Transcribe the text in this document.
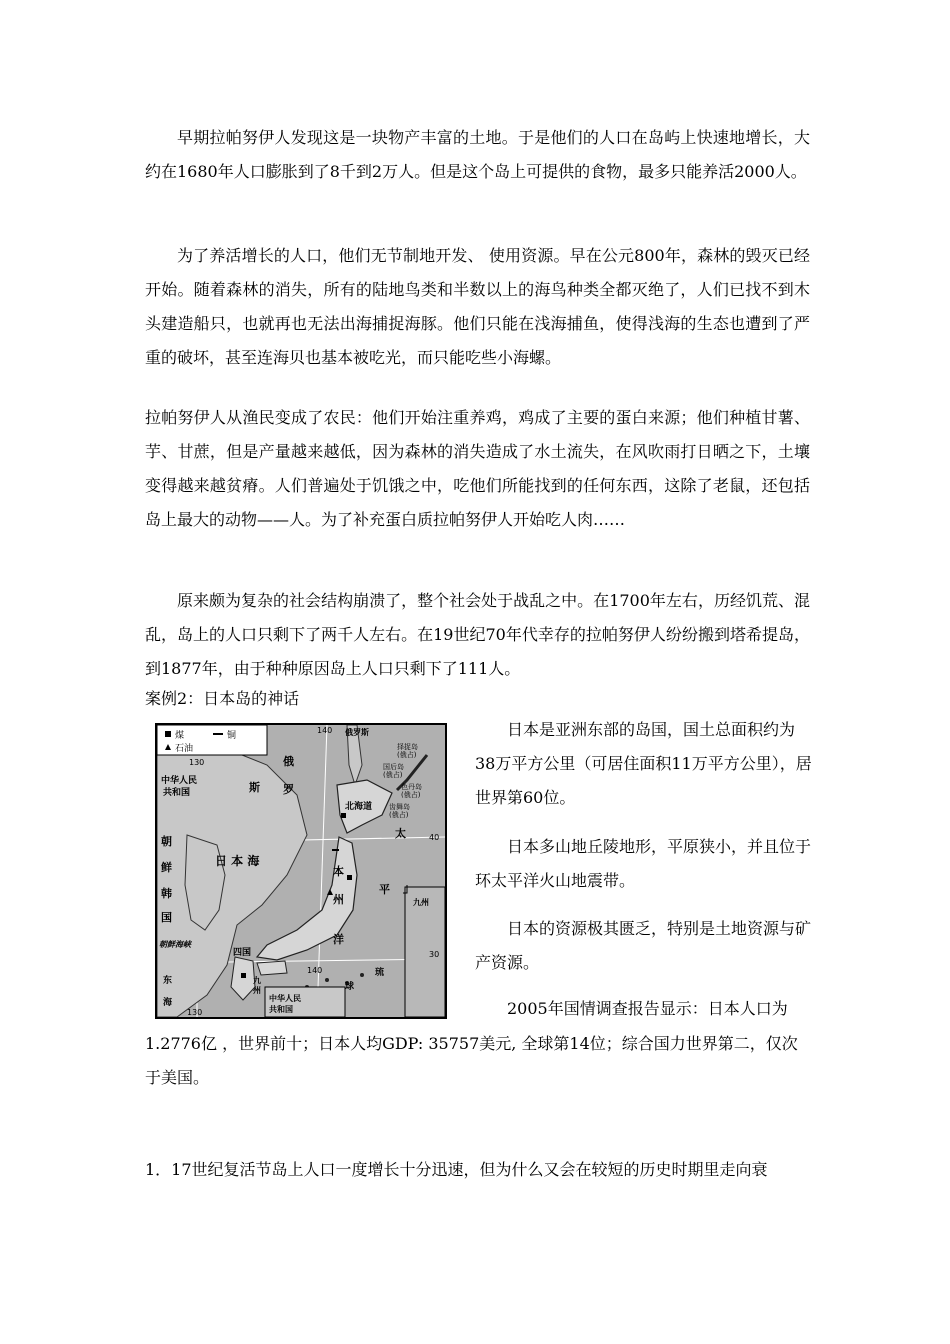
早期拉帕努伊人发现这是一块物产丰富的土地。于是他们的人口在岛屿上快速地增长，大约在1680年人口膨胀到了8千到2万人。但是这个岛上可提供的食物，最多只能养活2000人。

为了养活增长的人口，他们无节制地开发、 使用资源。早在公元800年，森林的毁灭已经开始。随着森林的消失，所有的陆地鸟类和半数以上的海鸟种类全都灭绝了，人们已找不到木头建造船只，也就再也无法出海捕捉海豚。他们只能在浅海捕鱼，使得浅海的生态也遭到了严重的破坏，甚至连海贝也基本被吃光，而只能吃些小海螺。

拉帕努伊人从渔民变成了农民：他们开始注重养鸡，鸡成了主要的蛋白来源；他们种植甘薯、芋、甘蔗，但是产量越来越低，因为森林的消失造成了水土流失，在风吹雨打日晒之下，土壤变得越来越贫瘠。人们普遍处于饥饿之中，吃他们所能找到的任何东西，这除了老鼠，还包括岛上最大的动物——人。为了补充蛋白质拉帕努伊人开始吃人肉……

原来颇为复杂的社会结构崩溃了，整个社会处于战乱之中。在1700年左右，历经饥荒、混乱，岛上的人口只剩下了两千人左右。在19世纪70年代幸存的拉帕努伊人纷纷搬到塔希提岛，到1877年，由于种种原因岛上人口只剩下了111人。

案例2：日本岛的神话

煤	铜
石油
130
140
40
30
140
130
中华人民
共和国
俄
罗
斯
朝
鲜
韩
国
日 本 海
北海道
本
州
四国
九
州
太
平
洋
琉
球
俄罗斯
朝鲜海峡
东
海
九州
中华人民
共和国
择捉岛
(俄占)
国后岛
(俄占)
色丹岛
(俄占)
齿舞岛
(俄占)

日本是亚洲东部的岛国，国土总面积约为38万平方公里（可居住面积11万平方公里），居世界第60位。

日本多山地丘陵地形，平原狭小，并且位于环太平洋火山地震带。

日本的资源极其匮乏，特别是土地资源与矿产资源。

2005年国情调查报告显示：日本人口为

1.2776亿 ，世界前十；日本人均GDP: 35757美元, 全球第14位；综合国力世界第二，仅次于美国。

1．17世纪复活节岛上人口一度增长十分迅速，但为什么又会在较短的历史时期里走向衰
